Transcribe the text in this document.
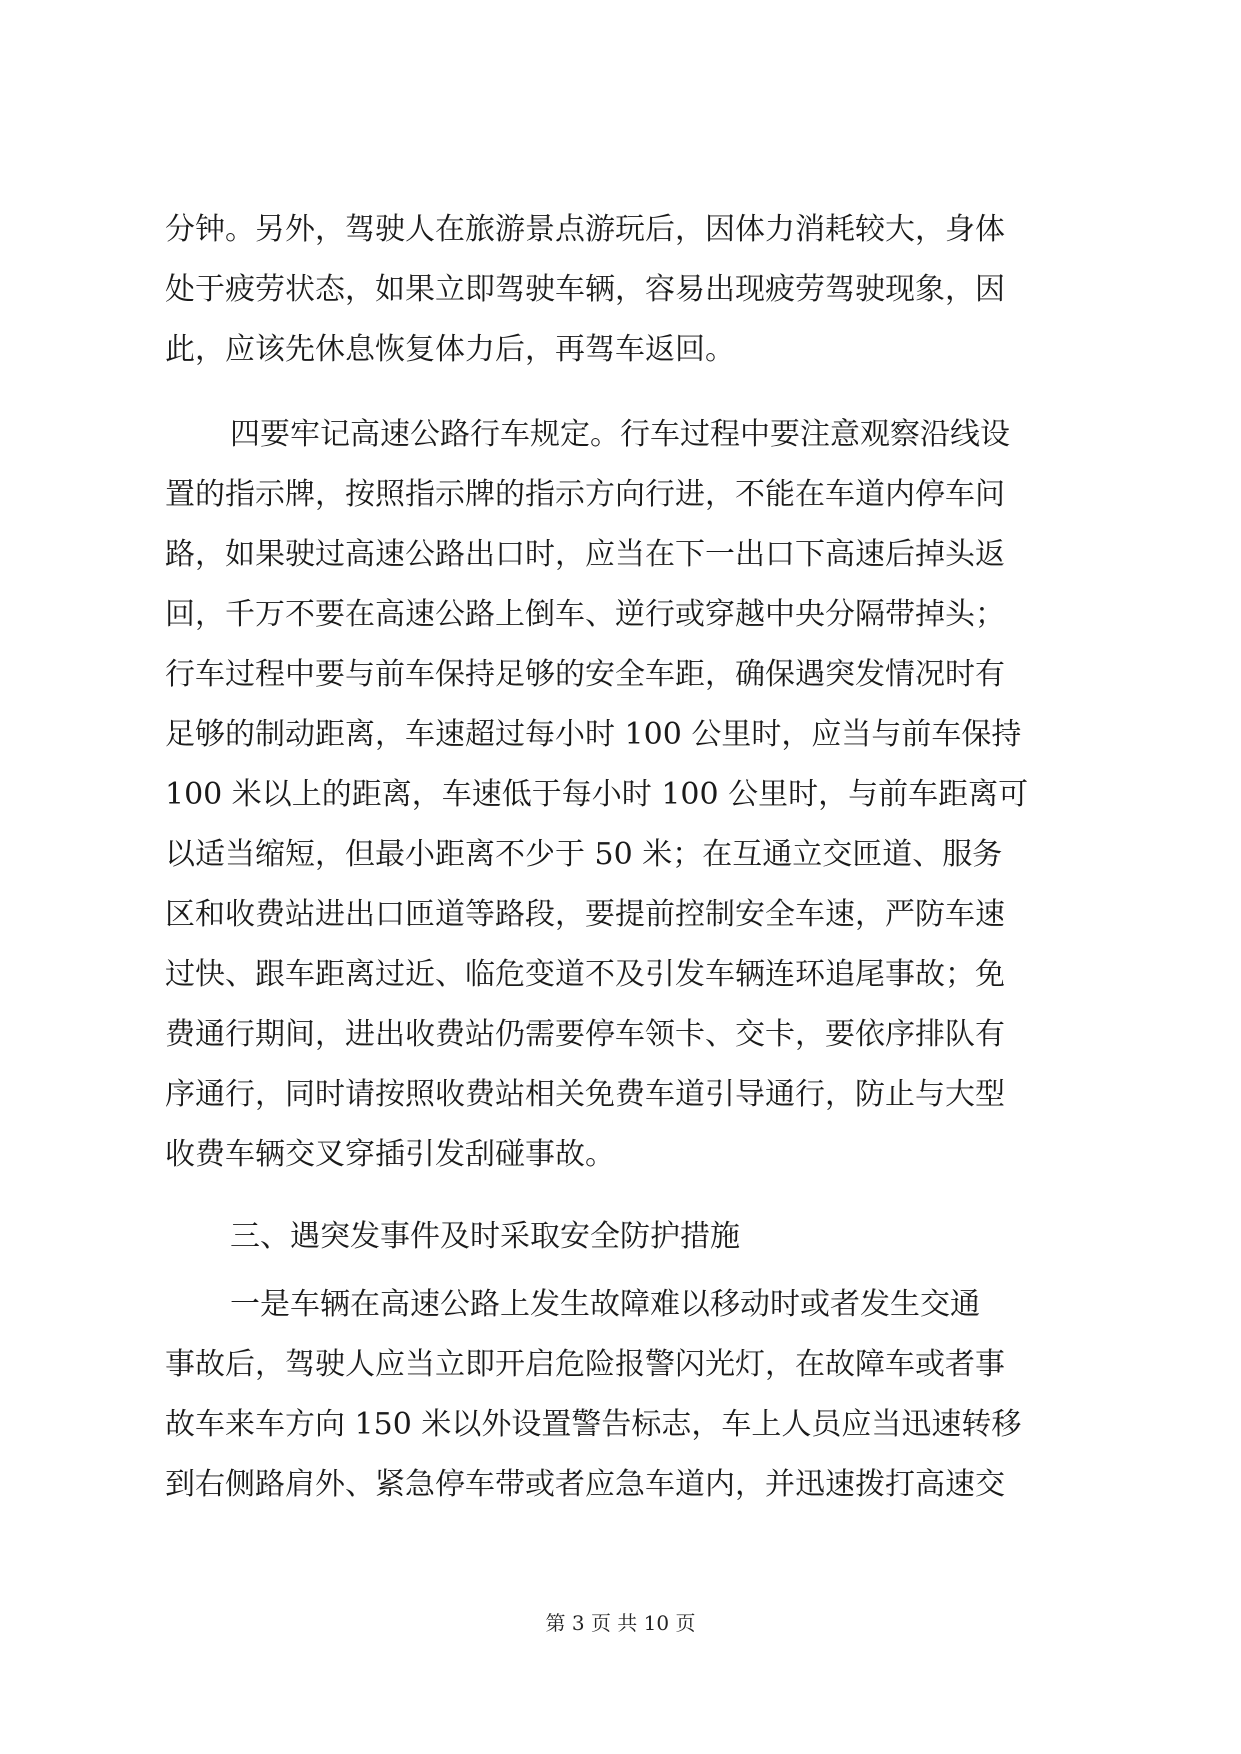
分钟。另外，驾驶人在旅游景点游玩后，因体力消耗较大，身体
处于疲劳状态，如果立即驾驶车辆，容易出现疲劳驾驶现象，因
此，应该先休息恢复体力后，再驾车返回。
四要牢记高速公路行车规定。行车过程中要注意观察沿线设
置的指示牌，按照指示牌的指示方向行进，不能在车道内停车问
路，如果驶过高速公路出口时，应当在下一出口下高速后掉头返
回，千万不要在高速公路上倒车、逆行或穿越中央分隔带掉头；
行车过程中要与前车保持足够的安全车距，确保遇突发情况时有
足够的制动距离，车速超过每小时 100 公里时，应当与前车保持
100 米以上的距离，车速低于每小时 100 公里时，与前车距离可
以适当缩短，但最小距离不少于 50 米；在互通立交匝道、服务
区和收费站进出口匝道等路段，要提前控制安全车速，严防车速
过快、跟车距离过近、临危变道不及引发车辆连环追尾事故；免
费通行期间，进出收费站仍需要停车领卡、交卡，要依序排队有
序通行，同时请按照收费站相关免费车道引导通行，防止与大型
收费车辆交叉穿插引发刮碰事故。
三、遇突发事件及时采取安全防护措施
一是车辆在高速公路上发生故障难以移动时或者发生交通
事故后，驾驶人应当立即开启危险报警闪光灯，在故障车或者事
故车来车方向 150 米以外设置警告标志，车上人员应当迅速转移
到右侧路肩外、紧急停车带或者应急车道内，并迅速拨打高速交
第 3 页 共 10 页
